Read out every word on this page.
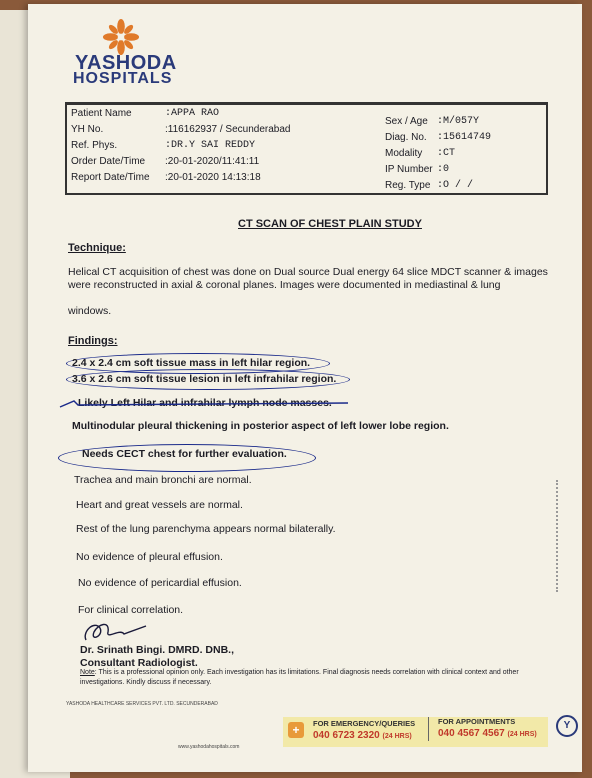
YASHODA
HOSPITALS
Patient Name	:APPA RAO
YH No.	:116162937 / Secunderabad
Ref. Phys.	:DR.Y SAI REDDY
Order Date/Time :20-01-2020/11:41:11
Report Date/Time :20-01-2020 14:13:18
Sex / Age :M/057Y
Diag. No. :15614749
Modality :CT
IP Number :0
Reg. Type :O / /
CT SCAN OF CHEST PLAIN STUDY
Technique:
Helical CT acquisition of chest was done on Dual source Dual energy 64 slice MDCT scanner & images were reconstructed in axial & coronal planes. Images were documented in mediastinal & lung
windows.
Findings:
2.4 x 2.4 cm soft tissue mass in left hilar region.
3.6 x 2.6 cm soft tissue lesion in left infrahilar region.
Likely Left Hilar and infrahilar lymph node masses.
Multinodular pleural thickening in posterior aspect of left lower lobe region.
Needs CECT chest for further evaluation.
Trachea and main bronchi are normal.
Heart and great vessels are normal.
Rest of the lung parenchyma appears normal bilaterally.
No evidence of pleural effusion.
No evidence of pericardial effusion.
For clinical correlation.
Dr. Srinath Bingi. DMRD. DNB.,
Consultant Radiologist.
Note: This is a professional opinion only. Each investigation has its limitations. Final diagnosis needs correlation with clinical context and other investigations. Kindly discuss if necessary.
YASHODA HEALTHCARE SERVICES PVT. LTD. SECUNDERABAD
www.yashodahospitals.com
+	FOR EMERGENCY/QUERIES
040 6723 2320 (24 HRS)
FOR APPOINTMENTS
040 4567 4567 (24 HRS)
Y
